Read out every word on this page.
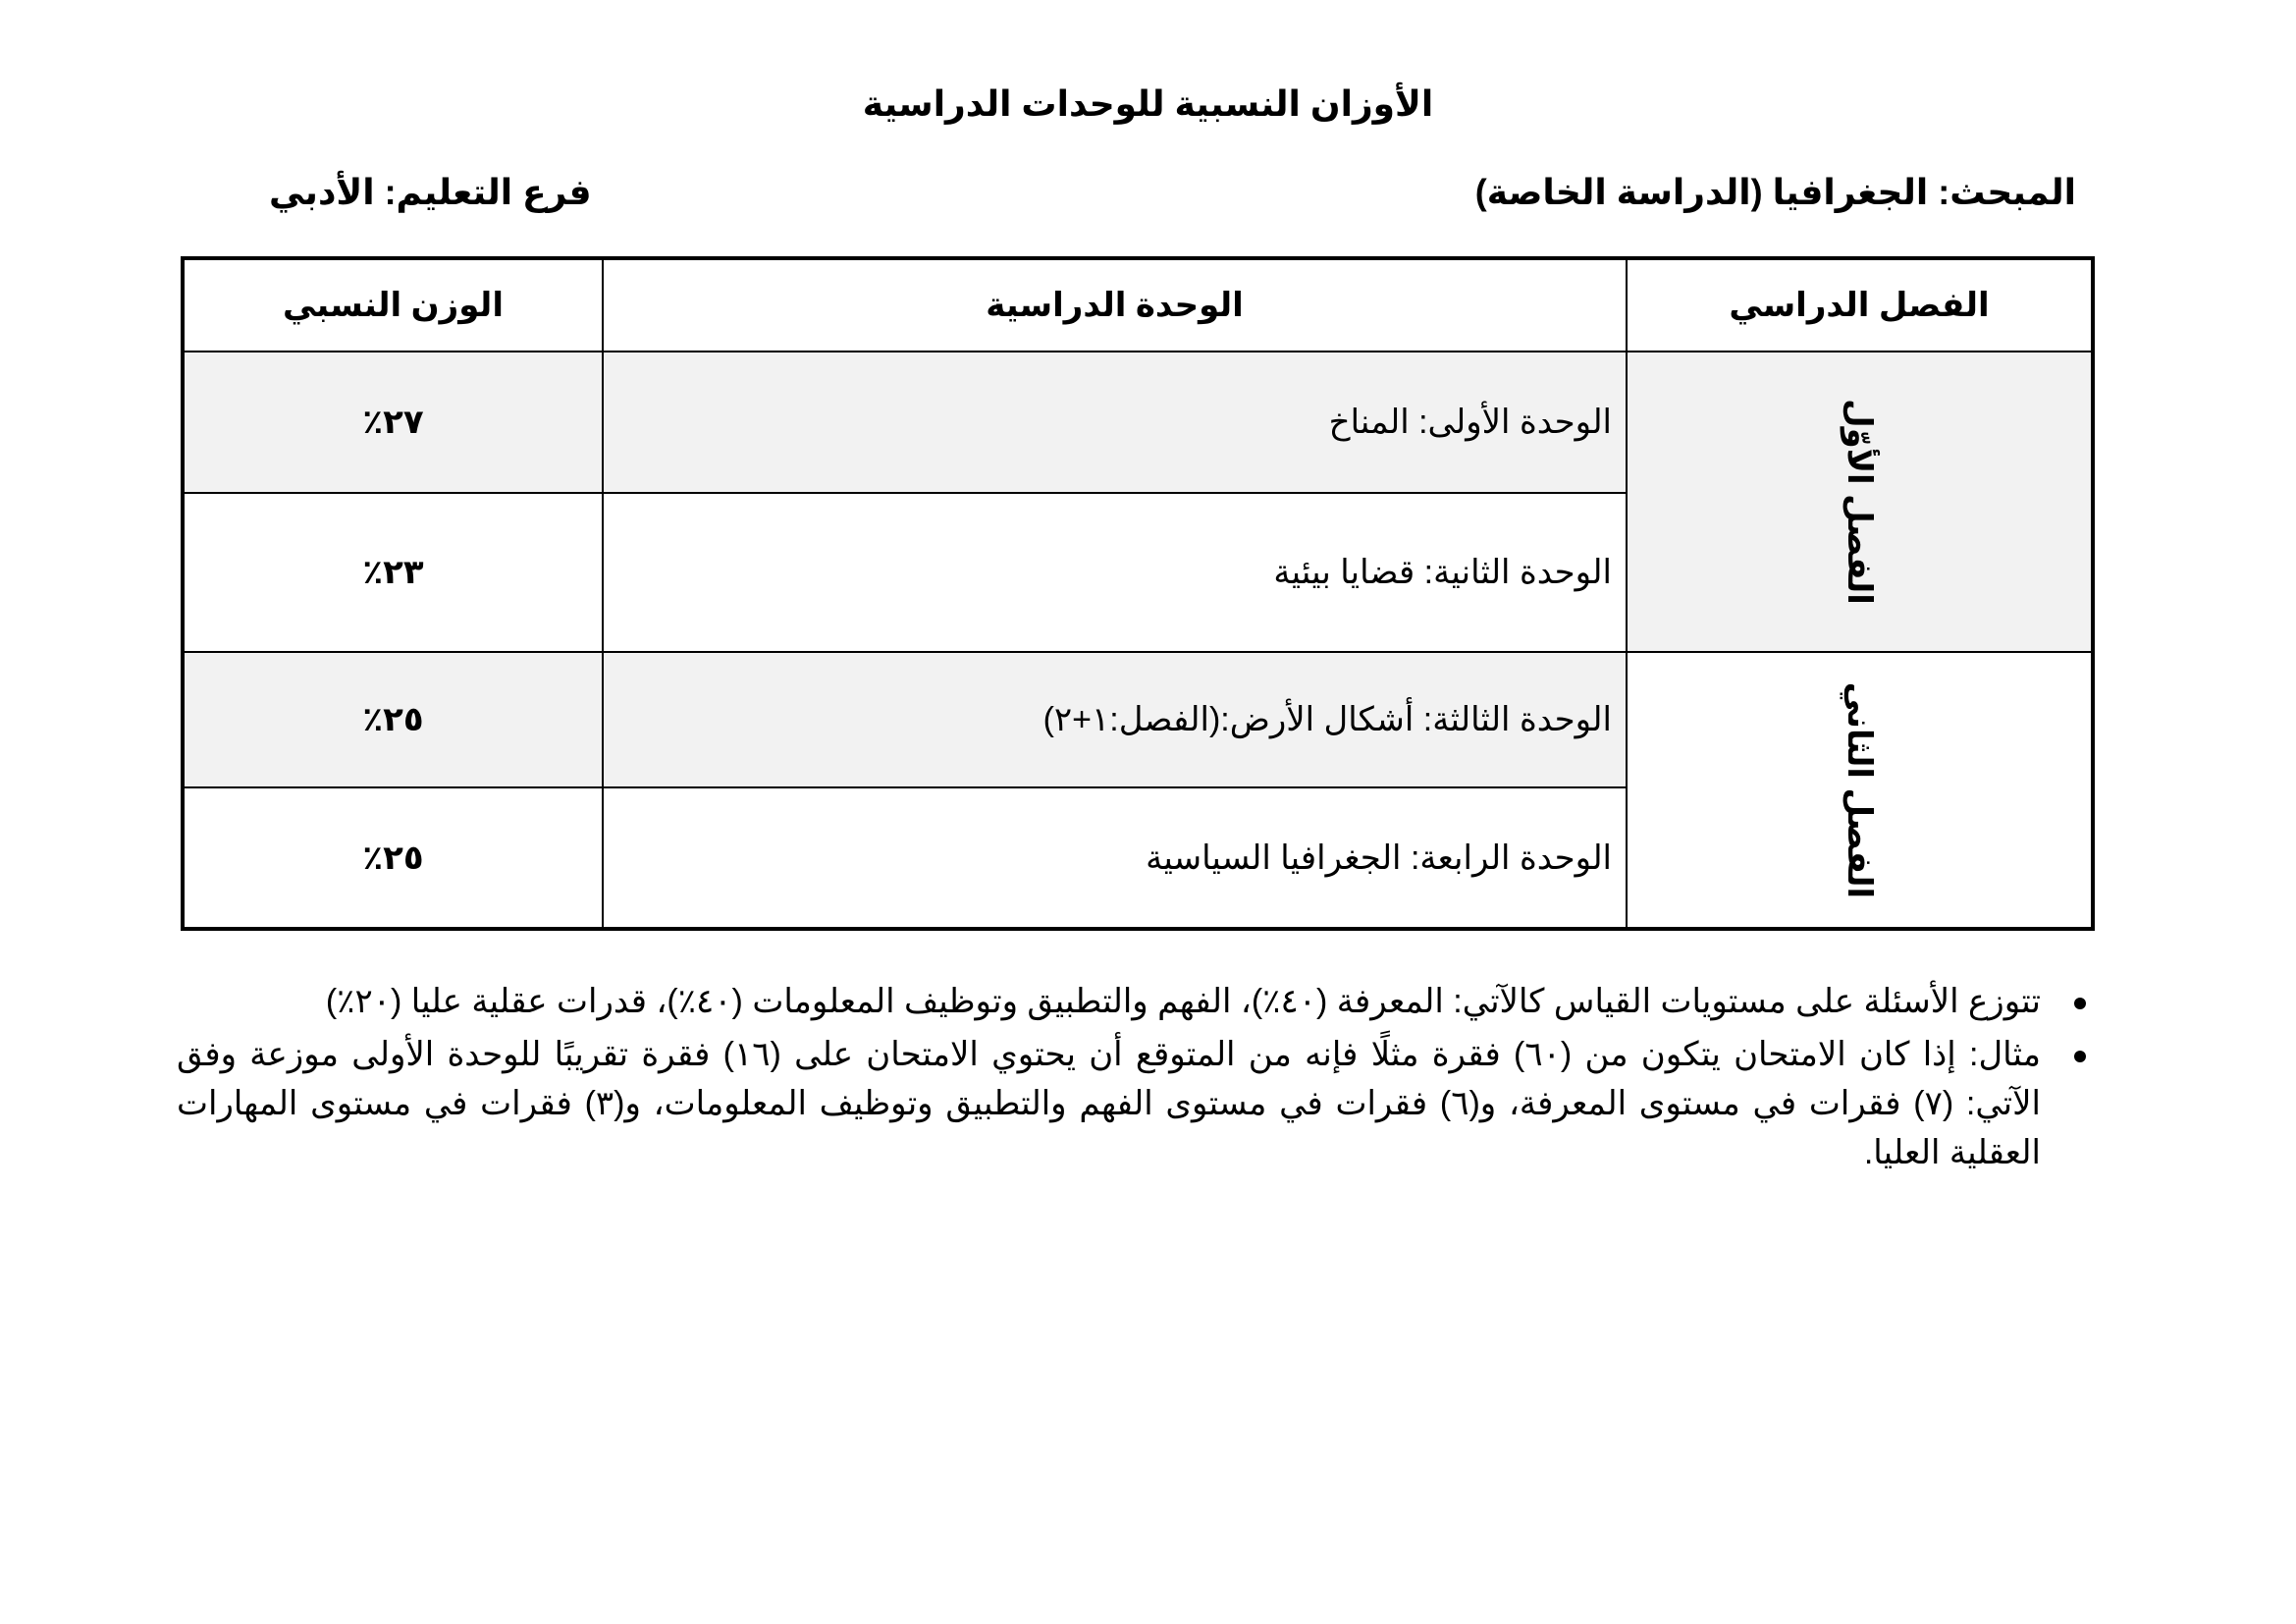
الأوزان النسبية للوحدات الدراسية
المبحث: الجغرافيا (الدراسة الخاصة)
فرع التعليم: الأدبي
الفصل الدراسي	الوحدة الدراسية	الوزن النسبي
الفصل الأوّل	الوحدة الأولى: المناخ	٢٧٪
	الوحدة الثانية: قضايا بيئية	٢٣٪
الفصل الثاني	الوحدة الثالثة: أشكال الأرض:(الفصل:١+٢)	٢٥٪
	الوحدة الرابعة: الجغرافيا السياسية	٢٥٪
تتوزع الأسئلة على مستويات القياس كالآتي: المعرفة (٤٠٪)، الفهم والتطبيق وتوظيف المعلومات (٤٠٪)، قدرات عقلية عليا (٢٠٪)
مثال: إذا كان الامتحان يتكون من (٦٠) فقرة مثلًا فإنه من المتوقع أن يحتوي الامتحان على (١٦) فقرة تقريبًا للوحدة الأولى موزعة وفق الآتي: (٧) فقرات في مستوى المعرفة، و(٦) فقرات في مستوى الفهم والتطبيق وتوظيف المعلومات، و(٣) فقرات في مستوى المهارات العقلية العليا.
